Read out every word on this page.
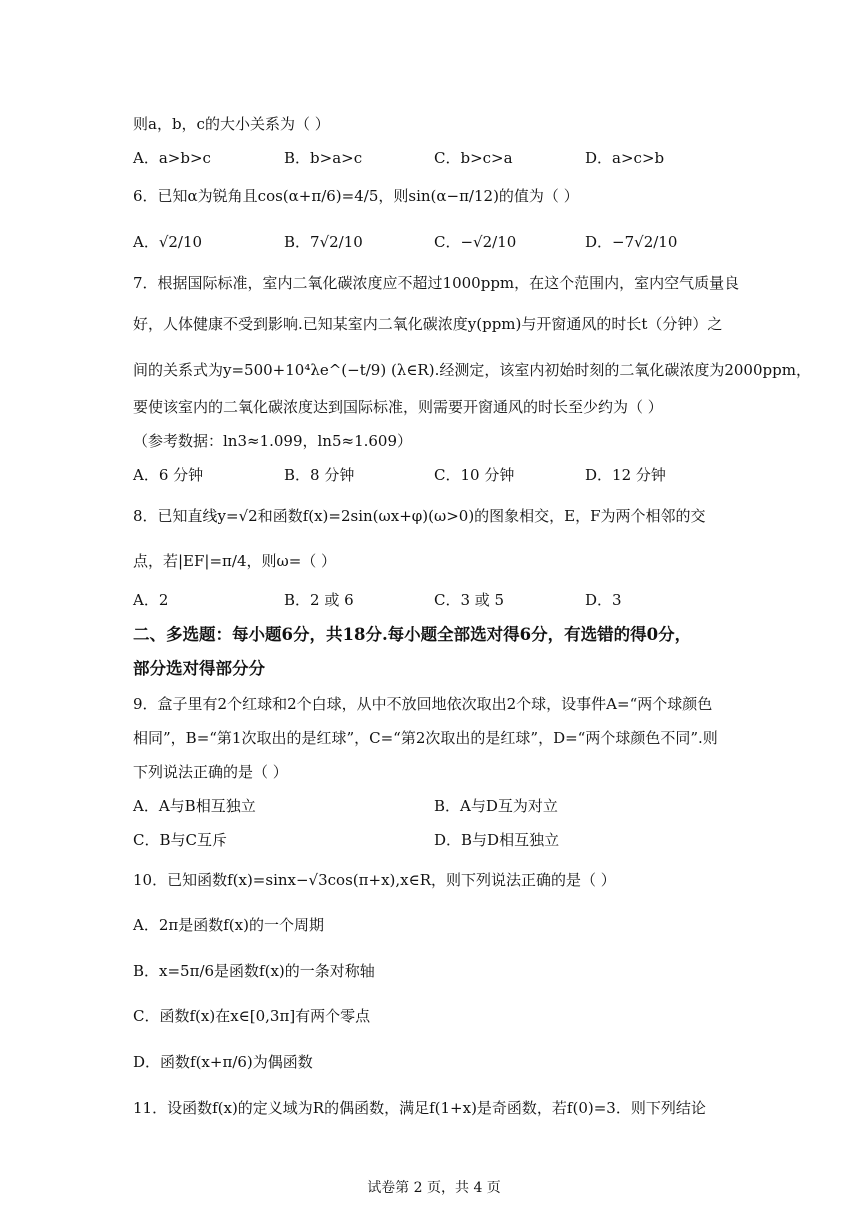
则a，b，c的大小关系为（ ）
A．a>b>c	B．b>a>c	C．b>c>a	D．a>c>b
6．已知α为锐角且cos(α+π/6)=4/5，则sin(α−π/12)的值为（ ）
A．√2/10	B．7√2/10	C．−√2/10	D．−7√2/10
7．根据国际标准，室内二氧化碳浓度应不超过1000ppm，在这个范围内，室内空气质量良
好，人体健康不受到影响.已知某室内二氧化碳浓度y(ppm)与开窗通风的时长t（分钟）之
间的关系式为y=500+10⁴λe^(−t/9) (λ∈R).经测定，该室内初始时刻的二氧化碳浓度为2000ppm，
要使该室内的二氧化碳浓度达到国际标准，则需要开窗通风的时长至少约为（ ）
（参考数据：ln3≈1.099，ln5≈1.609）
A．6 分钟	B．8 分钟	C．10 分钟	D．12 分钟
8．已知直线y=√2和函数f(x)=2sin(ωx+φ)(ω>0)的图象相交，E，F为两个相邻的交
点，若|EF|=π/4，则ω=（ ）
A．2	B．2 或 6	C．3 或 5	D．3
二、多选题：每小题6分，共18分.每小题全部选对得6分，有选错的得0分，
部分选对得部分分
9．盒子里有2个红球和2个白球，从中不放回地依次取出2个球，设事件A=“两个球颜色
相同”，B=“第1次取出的是红球”，C=“第2次取出的是红球”，D=“两个球颜色不同”.则
下列说法正确的是（ ）
A．A与B相互独立	B．A与D互为对立
C．B与C互斥	D．B与D相互独立
10．已知函数f(x)=sinx−√3cos(π+x),x∈R，则下列说法正确的是（ ）
A．2π是函数f(x)的一个周期
B．x=5π/6是函数f(x)的一条对称轴
C．函数f(x)在x∈[0,3π]有两个零点
D．函数f(x+π/6)为偶函数
11．设函数f(x)的定义域为R的偶函数，满足f(1+x)是奇函数，若f(0)=3．则下列结论
试卷第 2 页，共 4 页
